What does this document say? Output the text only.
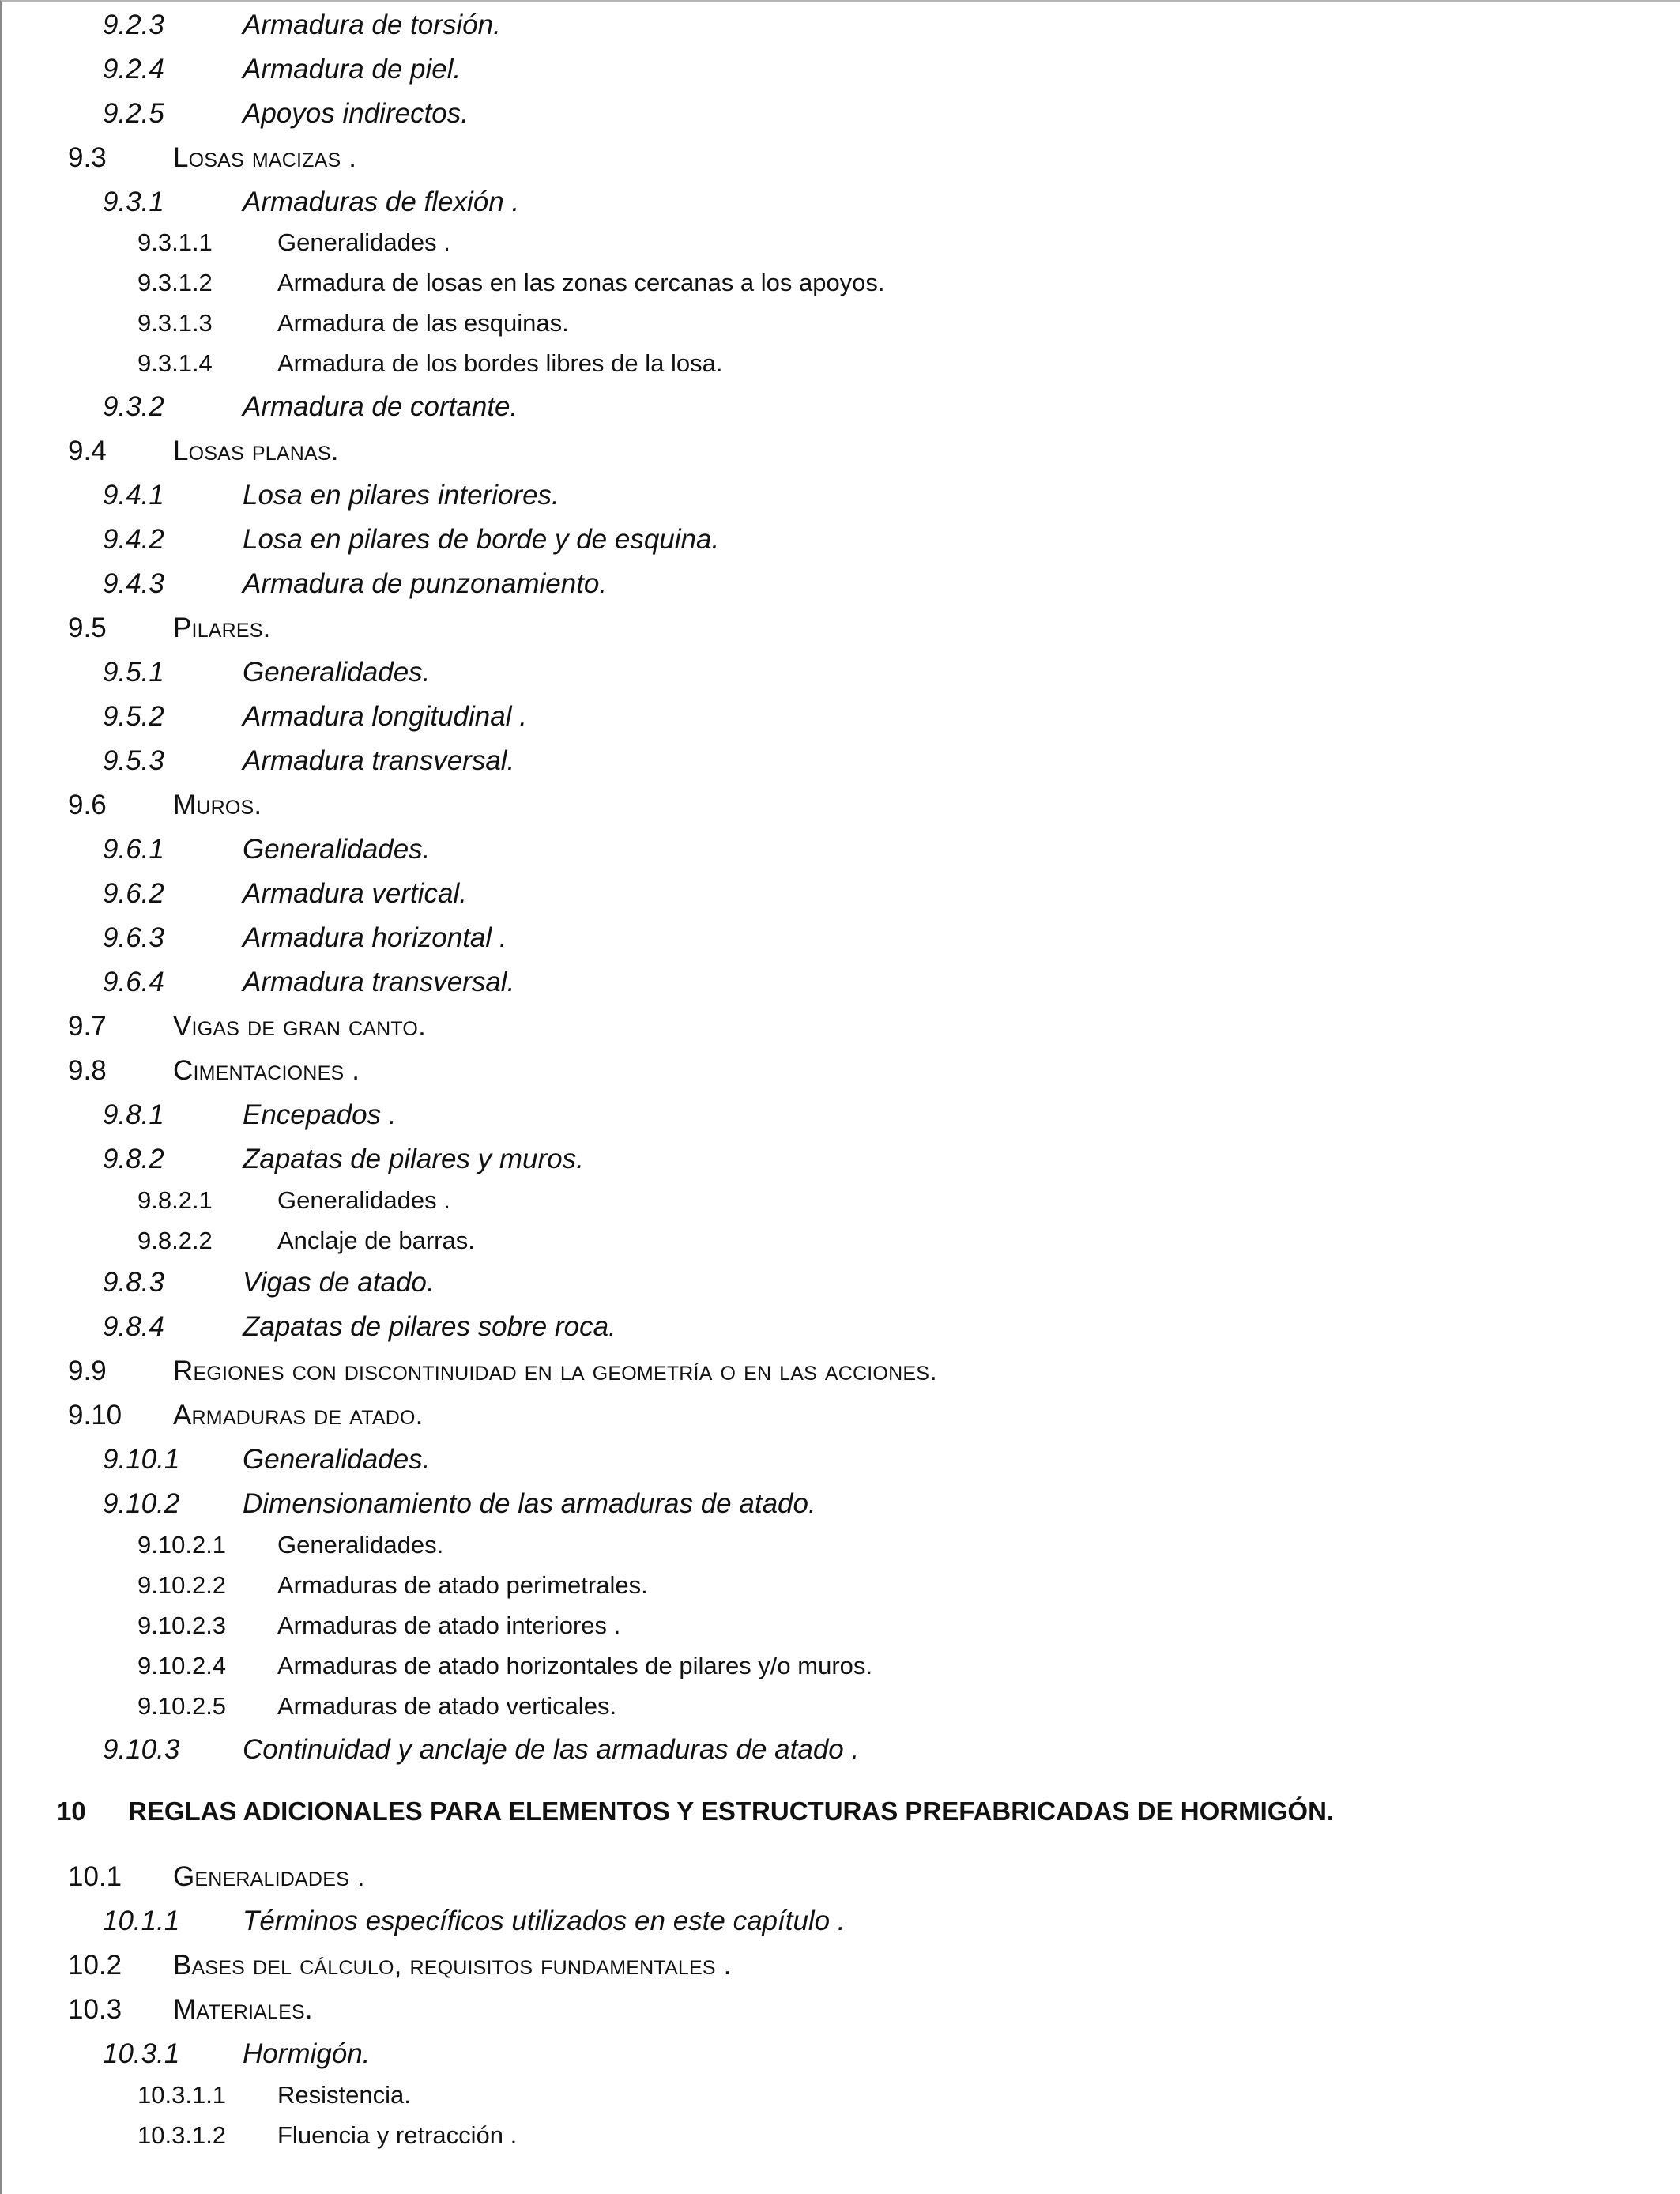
9.2.3	Armadura de torsión.
9.2.4	Armadura de piel.
9.2.5	Apoyos indirectos.
9.3 Losas macizas .
9.3.1	Armaduras de flexión .
9.3.1.1	Generalidades .
9.3.1.2	Armadura de losas en las zonas cercanas a los apoyos.
9.3.1.3	Armadura de las esquinas.
9.3.1.4	Armadura de los bordes libres de la losa.
9.3.2	Armadura de cortante.
9.4 Losas planas.
9.4.1	Losa en pilares interiores.
9.4.2	Losa en pilares de borde y de esquina.
9.4.3	Armadura de punzonamiento.
9.5 Pilares.
9.5.1	Generalidades.
9.5.2	Armadura longitudinal .
9.5.3	Armadura transversal.
9.6 Muros.
9.6.1	Generalidades.
9.6.2	Armadura vertical.
9.6.3	Armadura horizontal .
9.6.4	Armadura transversal.
9.7 Vigas de gran canto.
9.8 Cimentaciones .
9.8.1	Encepados .
9.8.2	Zapatas de pilares y muros.
9.8.2.1	Generalidades .
9.8.2.2	Anclaje de barras.
9.8.3	Vigas de atado.
9.8.4	Zapatas de pilares sobre roca.
9.9 Regiones con discontinuidad en la geometría o en las acciones.
9.10 Armaduras de atado.
9.10.1 Generalidades.
9.10.2 Dimensionamiento de las armaduras de atado.
9.10.2.1 Generalidades.
9.10.2.2 Armaduras de atado perimetrales.
9.10.2.3 Armaduras de atado interiores .
9.10.2.4 Armaduras de atado horizontales de pilares y/o muros.
9.10.2.5 Armaduras de atado verticales.
9.10.3 Continuidad y anclaje de las armaduras de atado .
10 REGLAS ADICIONALES PARA ELEMENTOS Y ESTRUCTURAS PREFABRICADAS DE HORMIGÓN.
10.1 Generalidades .
10.1.1 Términos específicos utilizados en este capítulo .
10.2 Bases del cálculo, requisitos fundamentales .
10.3 Materiales.
10.3.1 Hormigón.
10.3.1.1 Resistencia.
10.3.1.2 Fluencia y retracción .
